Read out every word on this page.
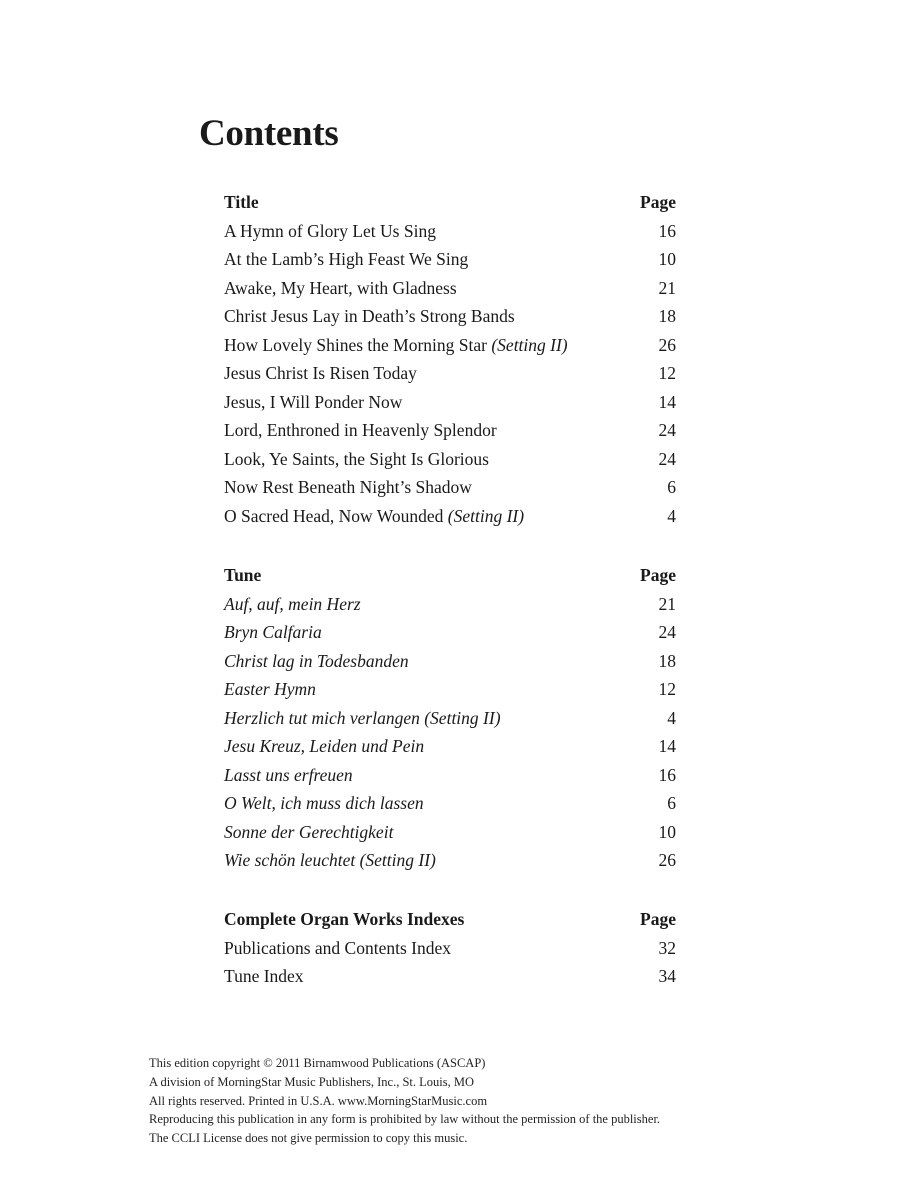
Contents
Title	Page
A Hymn of Glory Let Us Sing	16
At the Lamb’s High Feast We Sing	10
Awake, My Heart, with Gladness	21
Christ Jesus Lay in Death’s Strong Bands	18
How Lovely Shines the Morning Star (Setting II)	26
Jesus Christ Is Risen Today	12
Jesus, I Will Ponder Now	14
Lord, Enthroned in Heavenly Splendor	24
Look, Ye Saints, the Sight Is Glorious	24
Now Rest Beneath Night’s Shadow	6
O Sacred Head, Now Wounded (Setting II)	4
Tune	Page
Auf, auf, mein Herz	21
Bryn Calfaria	24
Christ lag in Todesbanden	18
Easter Hymn	12
Herzlich tut mich verlangen (Setting II)	4
Jesu Kreuz, Leiden und Pein	14
Lasst uns erfreuen	16
O Welt, ich muss dich lassen	6
Sonne der Gerechtigkeit	10
Wie schön leuchtet (Setting II)	26
Complete Organ Works Indexes	Page
Publications and Contents Index	32
Tune Index	34
This edition copyright © 2011 Birnamwood Publications (ASCAP)
A division of MorningStar Music Publishers, Inc., St. Louis, MO
All rights reserved. Printed in U.S.A. www.MorningStarMusic.com
Reproducing this publication in any form is prohibited by law without the permission of the publisher.
The CCLI License does not give permission to copy this music.
